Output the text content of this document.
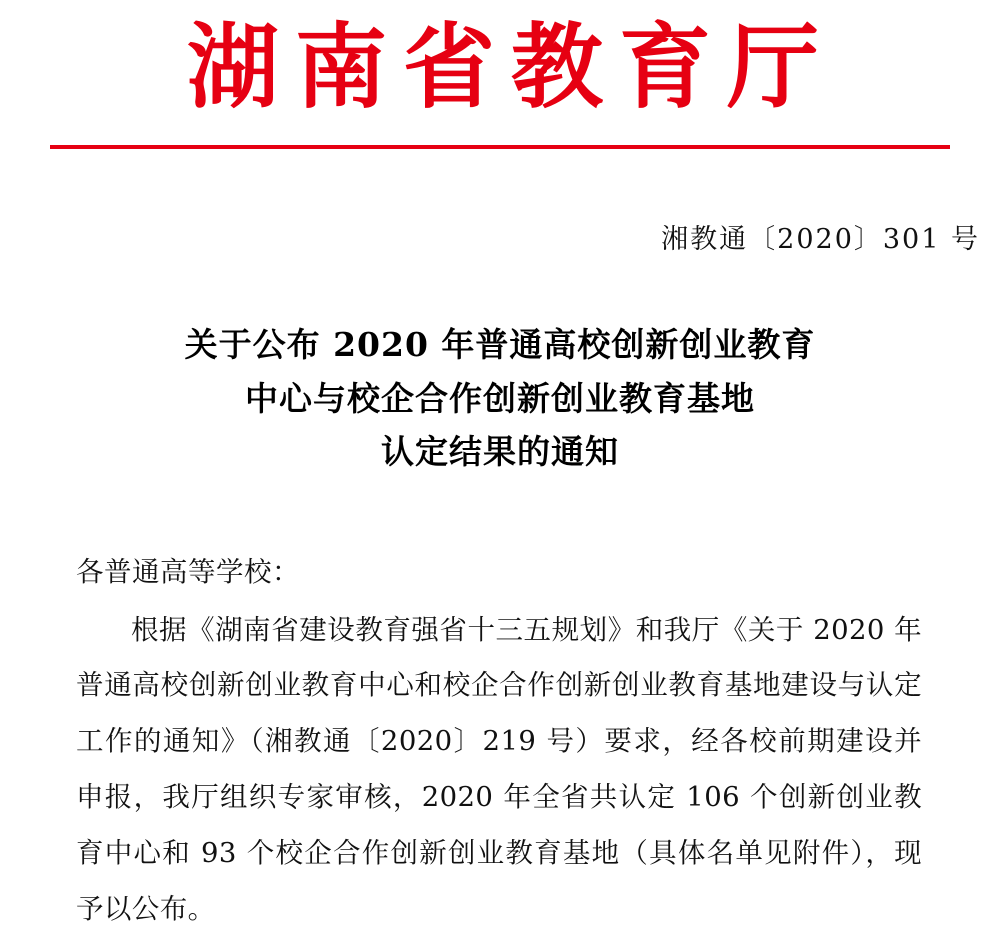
湖南省教育厅
湘教通〔2020〕301 号
关于公布 2020 年普通高校创新创业教育
中心与校企合作创新创业教育基地
认定结果的通知

各普通高等学校：

根据《湖南省建设教育强省十三五规划》和我厅《关于 2020 年普通高校创新创业教育中心和校企合作创新创业教育基地建设与认定工作的通知》（湘教通〔2020〕219 号）要求，经各校前期建设并申报，我厅组织专家审核，2020 年全省共认定 106 个创新创业教育中心和 93 个校企合作创新创业教育基地（具体名单见附件），现予以公布。
